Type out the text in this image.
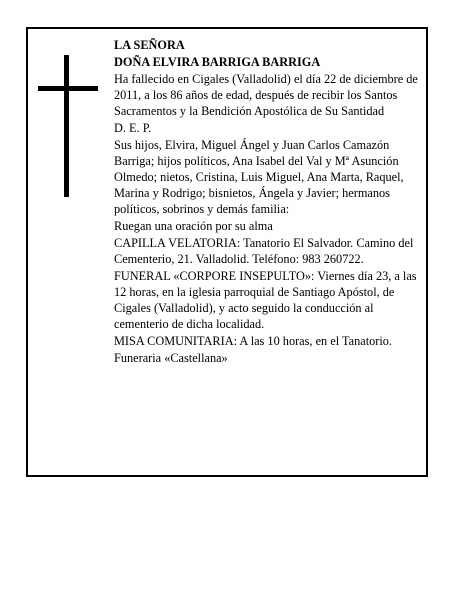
LA SEÑORA

DOÑA ELVIRA BARRIGA BARRIGA

Ha fallecido en Cigales (Valladolid) el día 22 de diciembre de 2011, a los 86 años de edad, después de recibir los Santos Sacramentos y la Bendición Apostólica de Su Santidad

D. E. P.

Sus hijos, Elvira, Miguel Ángel y Juan Carlos Camazón Barriga; hijos políticos, Ana Isabel del Val y Mª Asunción Olmedo; nietos, Cristina, Luis Miguel, Ana Marta, Raquel, Marina y Rodrigo; bisnietos, Ángela y Javier; hermanos políticos, sobrinos y demás familia:

Ruegan una oración por su alma

CAPILLA VELATORIA: Tanatorio El Salvador. Camino del Cementerio, 21. Valladolid. Teléfono: 983 260722.

FUNERAL «CORPORE INSEPULTO»: Viernes día 23, a las 12 horas, en la iglesia parroquial de Santiago Apóstol, de Cigales (Valladolid), y acto seguido la conducción al cementerio de dicha localidad.

MISA COMUNITARIA: A las 10 horas, en el Tanatorio.

Funeraria «Castellana»
